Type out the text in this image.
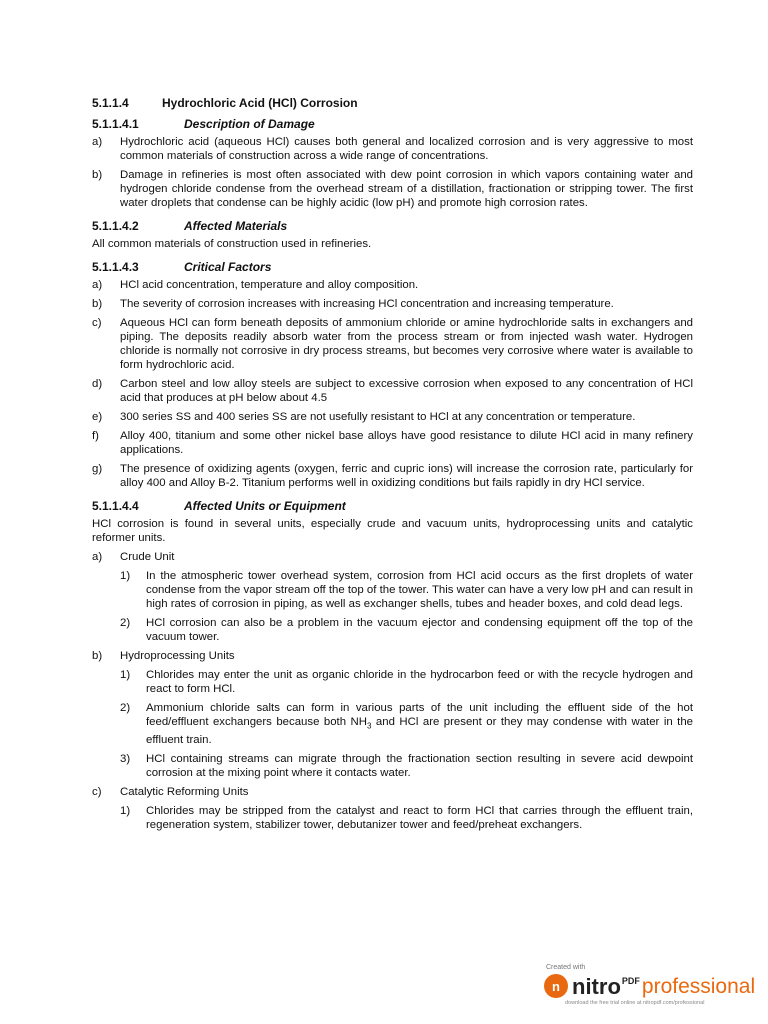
5.1.1.4	Hydrochloric Acid (HCl) Corrosion
5.1.1.4.1	Description of Damage
a)	Hydrochloric acid (aqueous HCl) causes both general and localized corrosion and is very aggressive to most common materials of construction across a wide range of concentrations.
b)	Damage in refineries is most often associated with dew point corrosion in which vapors containing water and hydrogen chloride condense from the overhead stream of a distillation, fractionation or stripping tower. The first water droplets that condense can be highly acidic (low pH) and promote high corrosion rates.
5.1.1.4.2	Affected Materials
All common materials of construction used in refineries.
5.1.1.4.3	Critical Factors
a)	HCl acid concentration, temperature and alloy composition.
b)	The severity of corrosion increases with increasing HCl concentration and increasing temperature.
c)	Aqueous HCl can form beneath deposits of ammonium chloride or amine hydrochloride salts in exchangers and piping. The deposits readily absorb water from the process stream or from injected wash water. Hydrogen chloride is normally not corrosive in dry process streams, but becomes very corrosive where water is available to form hydrochloric acid.
d)	Carbon steel and low alloy steels are subject to excessive corrosion when exposed to any concentration of HCl acid that produces at pH below about 4.5
e)	300 series SS and 400 series SS are not usefully resistant to HCl at any concentration or temperature.
f)	Alloy 400, titanium and some other nickel base alloys have good resistance to dilute HCl acid in many refinery applications.
g)	The presence of oxidizing agents (oxygen, ferric and cupric ions) will increase the corrosion rate, particularly for alloy 400 and Alloy B-2. Titanium performs well in oxidizing conditions but fails rapidly in dry HCl service.
5.1.1.4.4	Affected Units or Equipment
HCl corrosion is found in several units, especially crude and vacuum units, hydroprocessing units and catalytic reformer units.
a)	Crude Unit
1)	In the atmospheric tower overhead system, corrosion from HCl acid occurs as the first droplets of water condense from the vapor stream off the top of the tower. This water can have a very low pH and can result in high rates of corrosion in piping, as well as exchanger shells, tubes and header boxes, and cold dead legs.
2)	HCl corrosion can also be a problem in the vacuum ejector and condensing equipment off the top of the vacuum tower.
b)	Hydroprocessing Units
1)	Chlorides may enter the unit as organic chloride in the hydrocarbon feed or with the recycle hydrogen and react to form HCl.
2)	Ammonium chloride salts can form in various parts of the unit including the effluent side of the hot feed/effluent exchangers because both $NH_3$ and HCl are present or they may condense with water in the effluent train.
3)	HCl containing streams can migrate through the fractionation section resulting in severe acid dewpoint corrosion at the mixing point where it contacts water.
c)	Catalytic Reforming Units
1)	Chlorides may be stripped from the catalyst and react to form HCl that carries through the effluent train, regeneration system, stabilizer tower, debutanizer tower and feed/preheat exchangers.
Created with
n nitro PDF professional
download the free trial online at nitropdf.com/professional
